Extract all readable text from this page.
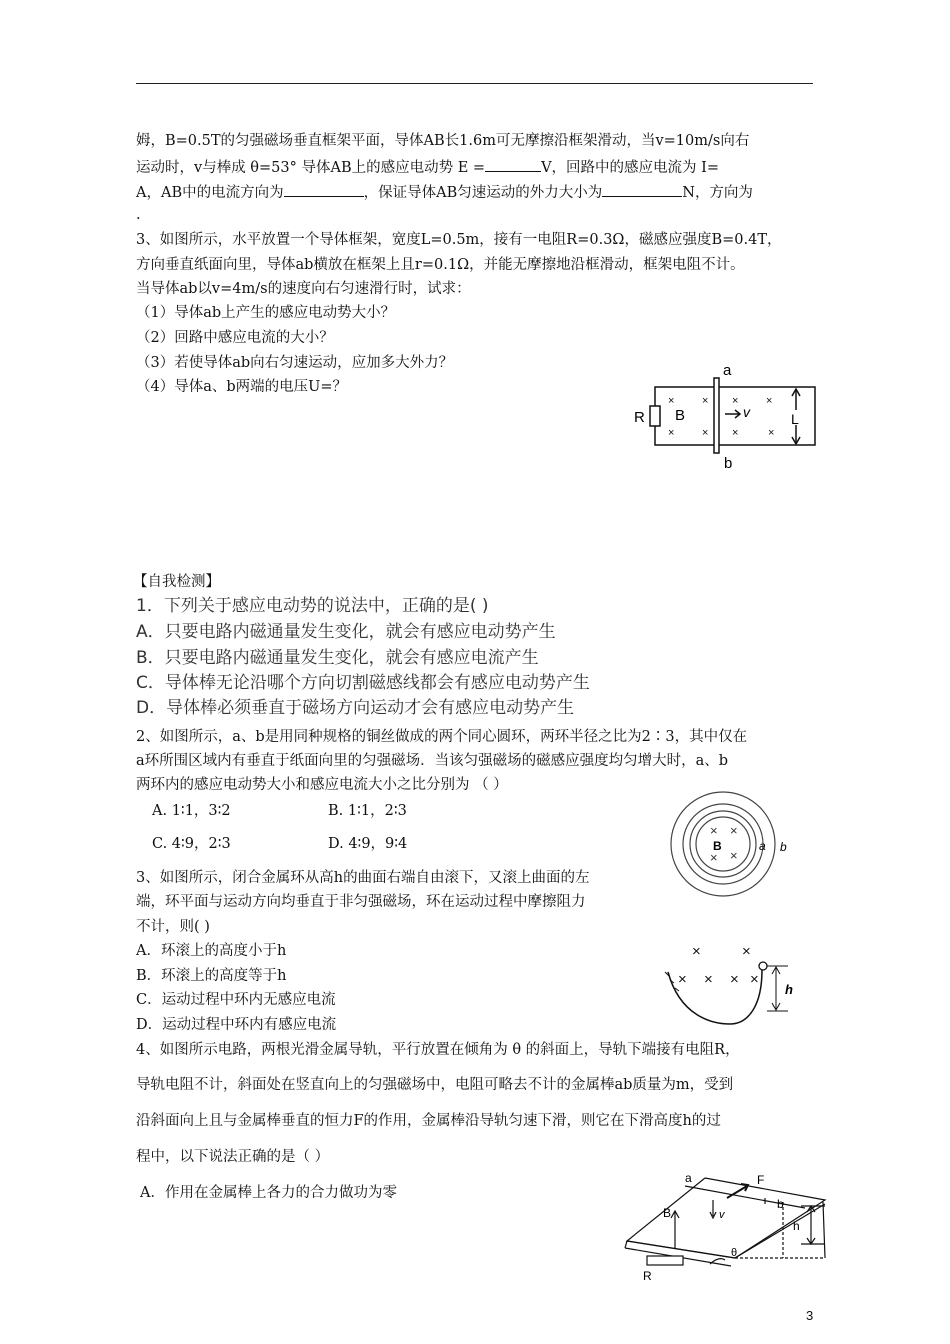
姆，B=0.5T的匀强磁场垂直框架平面，导体AB长1.6m可无摩擦沿框架滑动，当v=10m/s向右
运动时，v与棒成 θ=53° 导体AB上的感应电动势 E =	V，回路中的感应电流为 I=
A，AB中的电流方向为	，保证导体AB匀速运动的外力大小为	N，方向为
.
3、如图所示，水平放置一个导体框架，宽度L=0.5m，接有一电阻R=0.3Ω，磁感应强度B=0.4T，
方向垂直纸面向里，导体ab横放在框架上且r=0.1Ω，并能无摩擦地沿框滑动，框架电阻不计。
当导体ab以v=4m/s的速度向右匀速滑行时，试求：
（1）导体ab上产生的感应电动势大小？
（2）回路中感应电流的大小？
（3）若使导体ab向右匀速运动，应加多大外力？
（4）导体a、b两端的电压U=？
R B	v	L
a
b
×	× ×	×
×	× ×	×
【自我检测】
1．下列关于感应电动势的说法中，正确的是( )
A．只要电路内磁通量发生变化，就会有感应电动势产生
B．只要电路内磁通量发生变化，就会有感应电流产生
C．导体棒无论沿哪个方向切割磁感线都会有感应电动势产生
D．导体棒必须垂直于磁场方向运动才会有感应电动势产生
2、如图所示，a、b是用同种规格的铜丝做成的两个同心圆环，两环半径之比为2∶3，其中仅在
a环所围区域内有垂直于纸面向里的匀强磁场．当该匀强磁场的磁感应强度均匀增大时，a、b
两环内的感应电动势大小和感应电流大小之比分别为 （ ）
A. 1∶1，3∶2	B. 1∶1，2∶3
C. 4∶9，2∶3	D. 4∶9，9∶4
× ×
×
×
B	a b
3、如图所示，闭合金属环从高h的曲面右端自由滚下，又滚上曲面的左
端，环平面与运动方向均垂直于非匀强磁场，环在运动过程中摩擦阻力
不计，则( )
A．环滚上的高度小于h
B．环滚上的高度等于h
C．运动过程中环内无感应电流
D．运动过程中环内有感应电流
h
×	×
× × × ×
4、如图所示电路，两根光滑金属导轨，平行放置在倾角为 θ 的斜面上，导轨下端接有电阻R，
导轨电阻不计，斜面处在竖直向上的匀强磁场中，电阻可略去不计的金属棒ab质量为m，受到
沿斜面向上且与金属棒垂直的恒力F的作用，金属棒沿导轨匀速下滑，则它在下滑高度h的过
程中，以下说法正确的是（ ）
A．作用在金属棒上各力的合力做功为零
a	F
b
B	v
h
θ
R
3
